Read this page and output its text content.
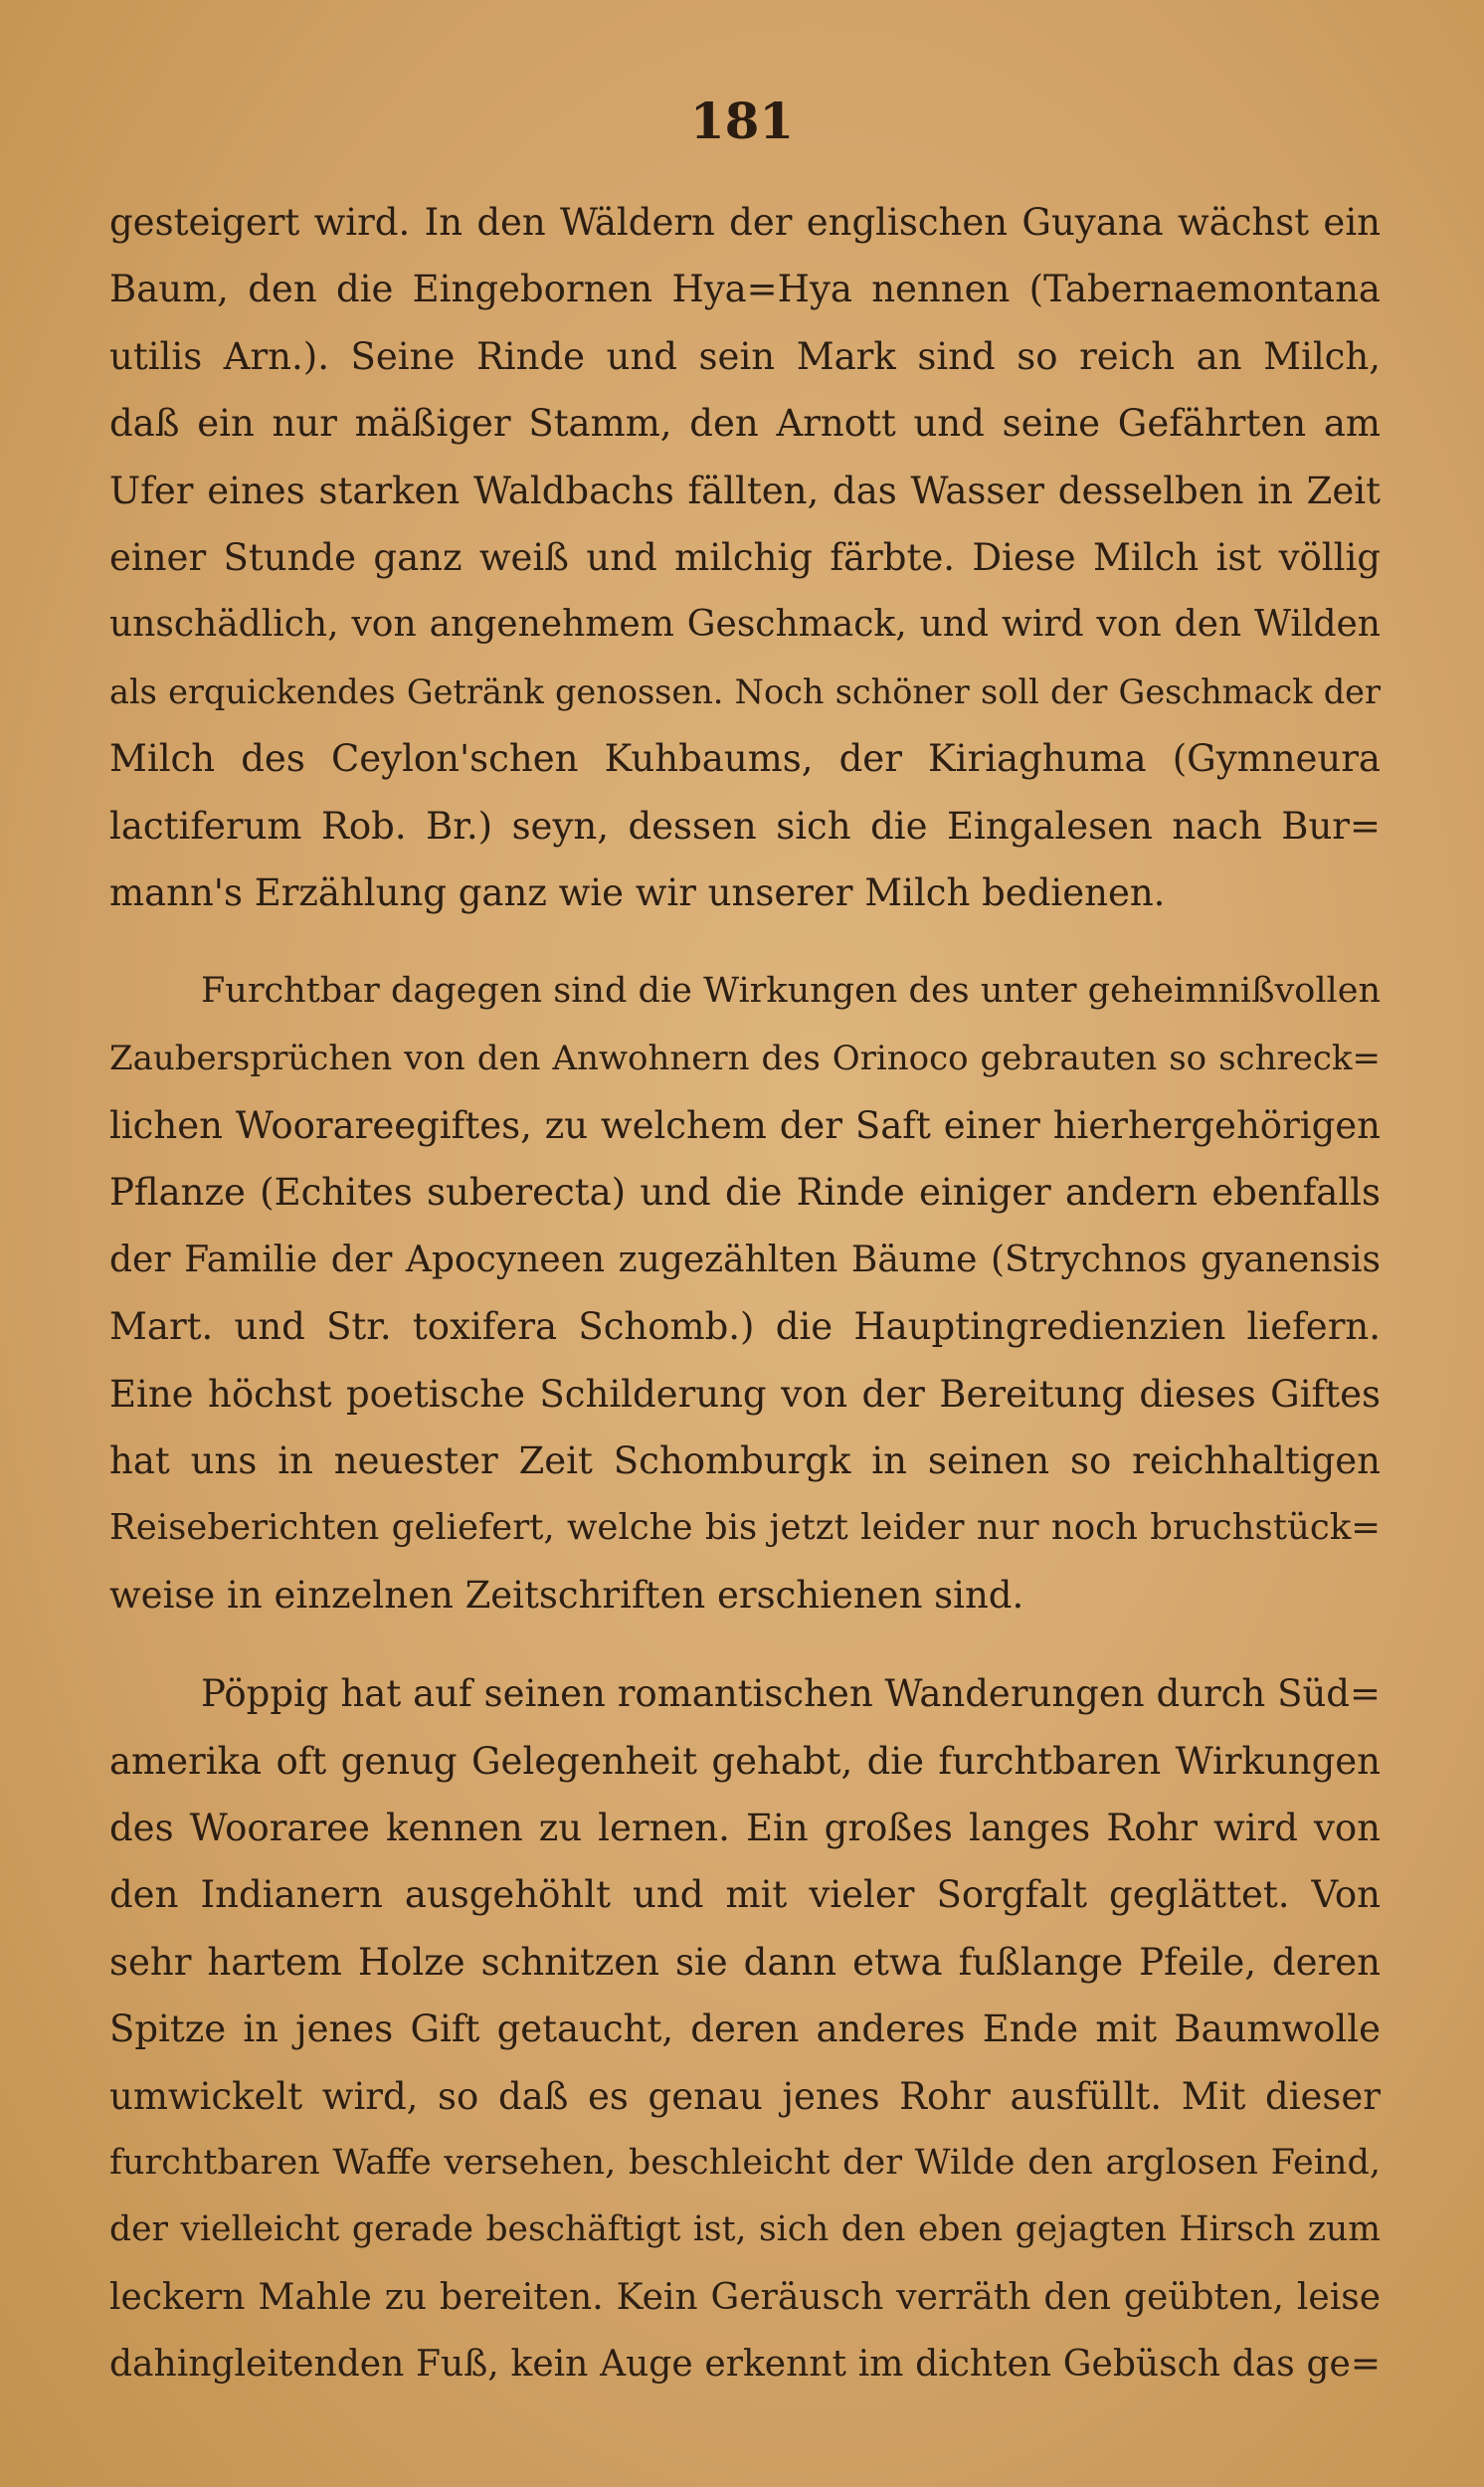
181
gesteigert wird. In den Wäldern der englischen Guyana wächst ein
Baum, den die Eingebornen Hya=Hya nennen (Tabernaemontana
utilis Arn.). Seine Rinde und sein Mark sind so reich an Milch,
daß ein nur mäßiger Stamm, den Arnott und seine Gefährten am
Ufer eines starken Waldbachs fällten, das Wasser desselben in Zeit
einer Stunde ganz weiß und milchig färbte. Diese Milch ist völlig
unschädlich, von angenehmem Geschmack, und wird von den Wilden
als erquickendes Getränk genossen. Noch schöner soll der Geschmack der
Milch des Ceylon'schen Kuhbaums, der Kiriaghuma (Gymneura
lactiferum Rob. Br.) seyn, dessen sich die Eingalesen nach Bur=
mann's Erzählung ganz wie wir unserer Milch bedienen.
Furchtbar dagegen sind die Wirkungen des unter geheimnißvollen
Zaubersprüchen von den Anwohnern des Orinoco gebrauten so schreck=
lichen Woorareegiftes, zu welchem der Saft einer hierhergehörigen
Pflanze (Echites suberecta) und die Rinde einiger andern ebenfalls
der Familie der Apocyneen zugezählten Bäume (Strychnos gyanensis
Mart. und Str. toxifera Schomb.) die Hauptingredienzien liefern.
Eine höchst poetische Schilderung von der Bereitung dieses Giftes
hat uns in neuester Zeit Schomburgk in seinen so reichhaltigen
Reiseberichten geliefert, welche bis jetzt leider nur noch bruchstück=
weise in einzelnen Zeitschriften erschienen sind.
Pöppig hat auf seinen romantischen Wanderungen durch Süd=
amerika oft genug Gelegenheit gehabt, die furchtbaren Wirkungen
des Wooraree kennen zu lernen. Ein großes langes Rohr wird von
den Indianern ausgehöhlt und mit vieler Sorgfalt geglättet. Von
sehr hartem Holze schnitzen sie dann etwa fußlange Pfeile, deren
Spitze in jenes Gift getaucht, deren anderes Ende mit Baumwolle
umwickelt wird, so daß es genau jenes Rohr ausfüllt. Mit dieser
furchtbaren Waffe versehen, beschleicht der Wilde den arglosen Feind,
der vielleicht gerade beschäftigt ist, sich den eben gejagten Hirsch zum
leckern Mahle zu bereiten. Kein Geräusch verräth den geübten, leise
dahingleitenden Fuß, kein Auge erkennt im dichten Gebüsch das ge=
